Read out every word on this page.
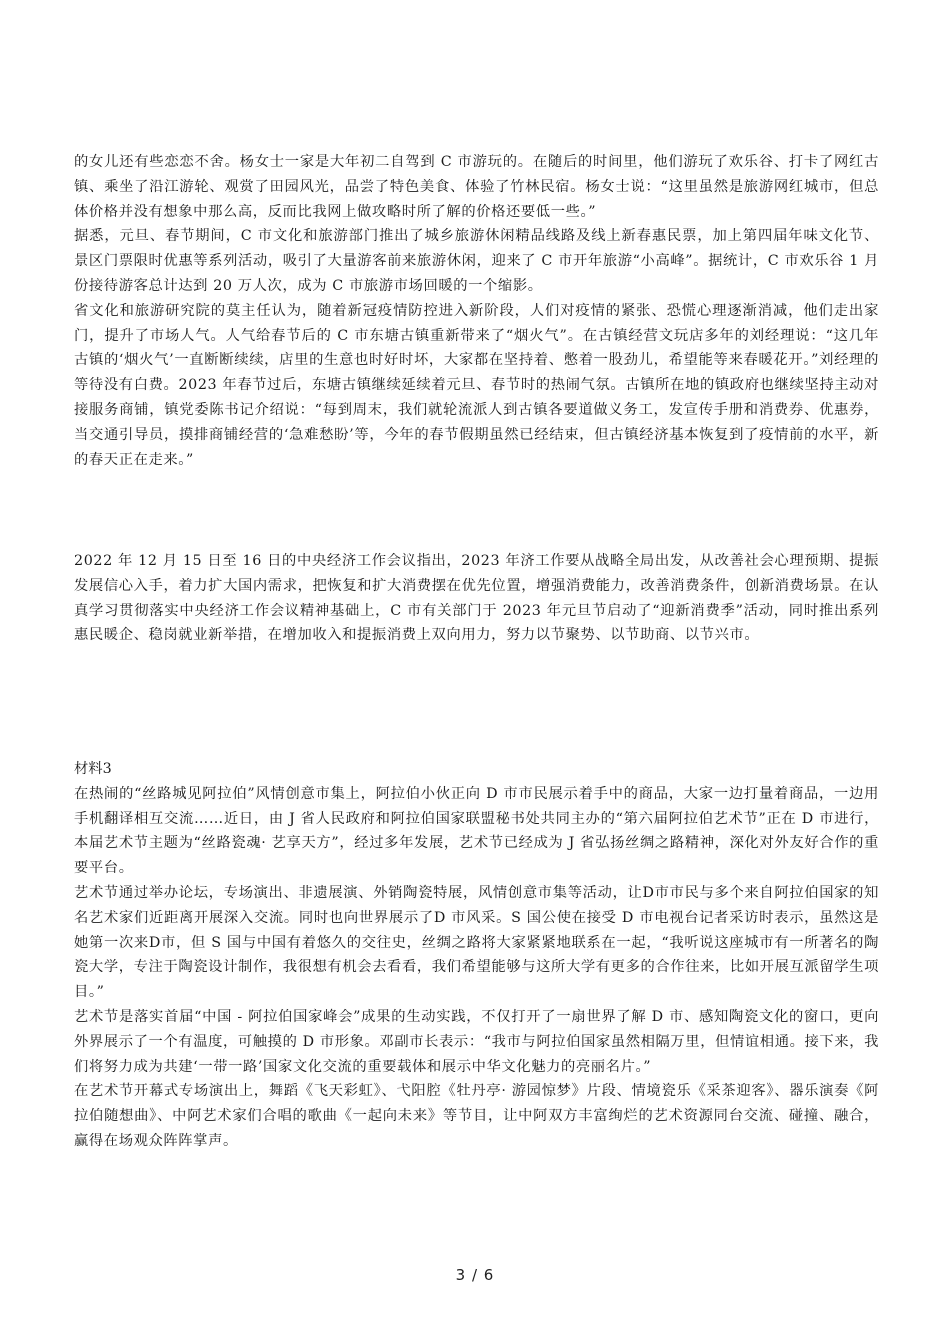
的女儿还有些恋恋不舍。杨女士一家是大年初二自驾到 C 市游玩的。在随后的时间里，他们游玩了欢乐谷、打卡了网红古镇、乘坐了沿江游轮、观赏了田园风光，品尝了特色美食、体验了竹林民宿。杨女士说：“这里虽然是旅游网红城市，但总体价格并没有想象中那么高，反而比我网上做攻略时所了解的价格还要低一些。”

据悉，元旦、春节期间，C 市文化和旅游部门推出了城乡旅游休闲精品线路及线上新春惠民票，加上第四届年味文化节、景区门票限时优惠等系列活动，吸引了大量游客前来旅游休闲，迎来了 C 市开年旅游“小高峰”。据统计，C 市欢乐谷 1 月份接待游客总计达到 20 万人次，成为 C 市旅游市场回暖的一个缩影。

省文化和旅游研究院的莫主任认为，随着新冠疫情防控进入新阶段，人们对疫情的紧张、恐慌心理逐渐消减，他们走出家门，提升了市场人气。人气给春节后的 C 市东塘古镇重新带来了“烟火气”。在古镇经营文玩店多年的刘经理说：“这几年古镇的‘烟火气’一直断断续续，店里的生意也时好时坏，大家都在坚持着、憋着一股劲儿，希望能等来春暖花开。”刘经理的等待没有白费。2023 年春节过后，东塘古镇继续延续着元旦、春节时的热闹气氛。古镇所在地的镇政府也继续坚持主动对接服务商铺，镇党委陈书记介绍说：“每到周末，我们就轮流派人到古镇各要道做义务工，发宣传手册和消费券、优惠券，当交通引导员，摸排商铺经营的‘急难愁盼’等，今年的春节假期虽然已经结束，但古镇经济基本恢复到了疫情前的水平，新的春天正在走来。”

2022 年 12 月 15 日至 16 日的中央经济工作会议指出，2023 年济工作要从战略全局出发，从改善社会心理预期、提振发展信心入手，着力扩大国内需求，把恢复和扩大消费摆在优先位置，增强消费能力，改善消费条件，创新消费场景。在认真学习贯彻落实中央经济工作会议精神基础上，C 市有关部门于 2023 年元旦节启动了“迎新消费季”活动，同时推出系列惠民暖企、稳岗就业新举措，在增加收入和提振消费上双向用力，努力以节聚势、以节助商、以节兴市。

材料3

在热闹的“丝路城见阿拉伯”风情创意市集上，阿拉伯小伙正向 D 市市民展示着手中的商品，大家一边打量着商品，一边用手机翻译相互交流……近日，由 J 省人民政府和阿拉伯国家联盟秘书处共同主办的“第六届阿拉伯艺术节”正在 D 市进行，本届艺术节主题为“丝路瓷魂· 艺享天方”，经过多年发展，艺术节已经成为 J 省弘扬丝绸之路精神，深化对外友好合作的重要平台。

艺术节通过举办论坛，专场演出、非遗展演、外销陶瓷特展，风情创意市集等活动，让D市市民与多个来自阿拉伯国家的知名艺术家们近距离开展深入交流。同时也向世界展示了D 市风采。S 国公使在接受 D 市电视台记者采访时表示，虽然这是她第一次来D市，但 S 国与中国有着悠久的交往史，丝绸之路将大家紧紧地联系在一起，“我听说这座城市有一所著名的陶瓷大学，专注于陶瓷设计制作，我很想有机会去看看，我们希望能够与这所大学有更多的合作往来，比如开展互派留学生项目。”

艺术节是落实首届“中国 - 阿拉伯国家峰会”成果的生动实践，不仅打开了一扇世界了解 D 市、感知陶瓷文化的窗口，更向外界展示了一个有温度，可触摸的 D 市形象。邓副市长表示：“我市与阿拉伯国家虽然相隔万里，但情谊相通。接下来，我们将努力成为共建‘一带一路’国家文化交流的重要载体和展示中华文化魅力的亮丽名片。”

在艺术节开幕式专场演出上，舞蹈《飞天彩虹》、弋阳腔《牡丹亭· 游园惊梦》片段、情境瓷乐《采茶迎客》、器乐演奏《阿拉伯随想曲》、中阿艺术家们合唱的歌曲《一起向未来》等节目，让中阿双方丰富绚烂的艺术资源同台交流、碰撞、融合，赢得在场观众阵阵掌声。

3 / 6
